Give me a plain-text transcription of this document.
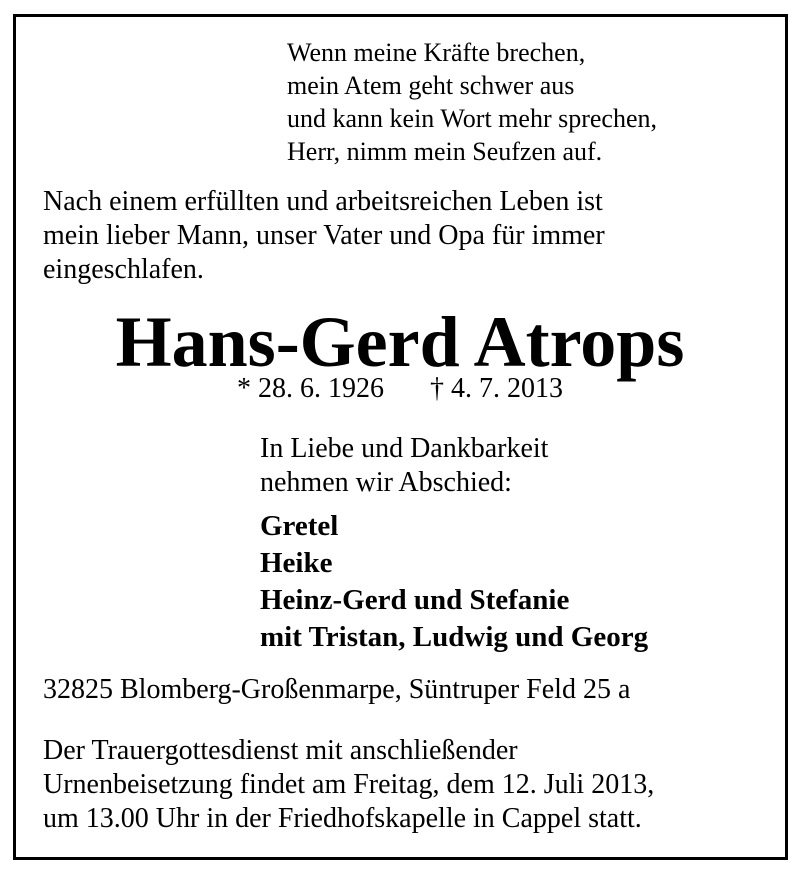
Wenn meine Kräfte brechen,
mein Atem geht schwer aus
und kann kein Wort mehr sprechen,
Herr, nimm mein Seufzen auf.
Nach einem erfüllten und arbeitsreichen Leben ist
mein lieber Mann, unser Vater und Opa für immer
eingeschlafen.
Hans-Gerd Atrops
* 28. 6. 1926 † 4. 7. 2013
In Liebe und Dankbarkeit
nehmen wir Abschied:
Gretel
Heike
Heinz-Gerd und Stefanie
mit Tristan, Ludwig und Georg
32825 Blomberg-Großenmarpe, Süntruper Feld 25 a
Der Trauergottesdienst mit anschließender
Urnenbeisetzung findet am Freitag, dem 12. Juli 2013,
um 13.00 Uhr in der Friedhofskapelle in Cappel statt.
